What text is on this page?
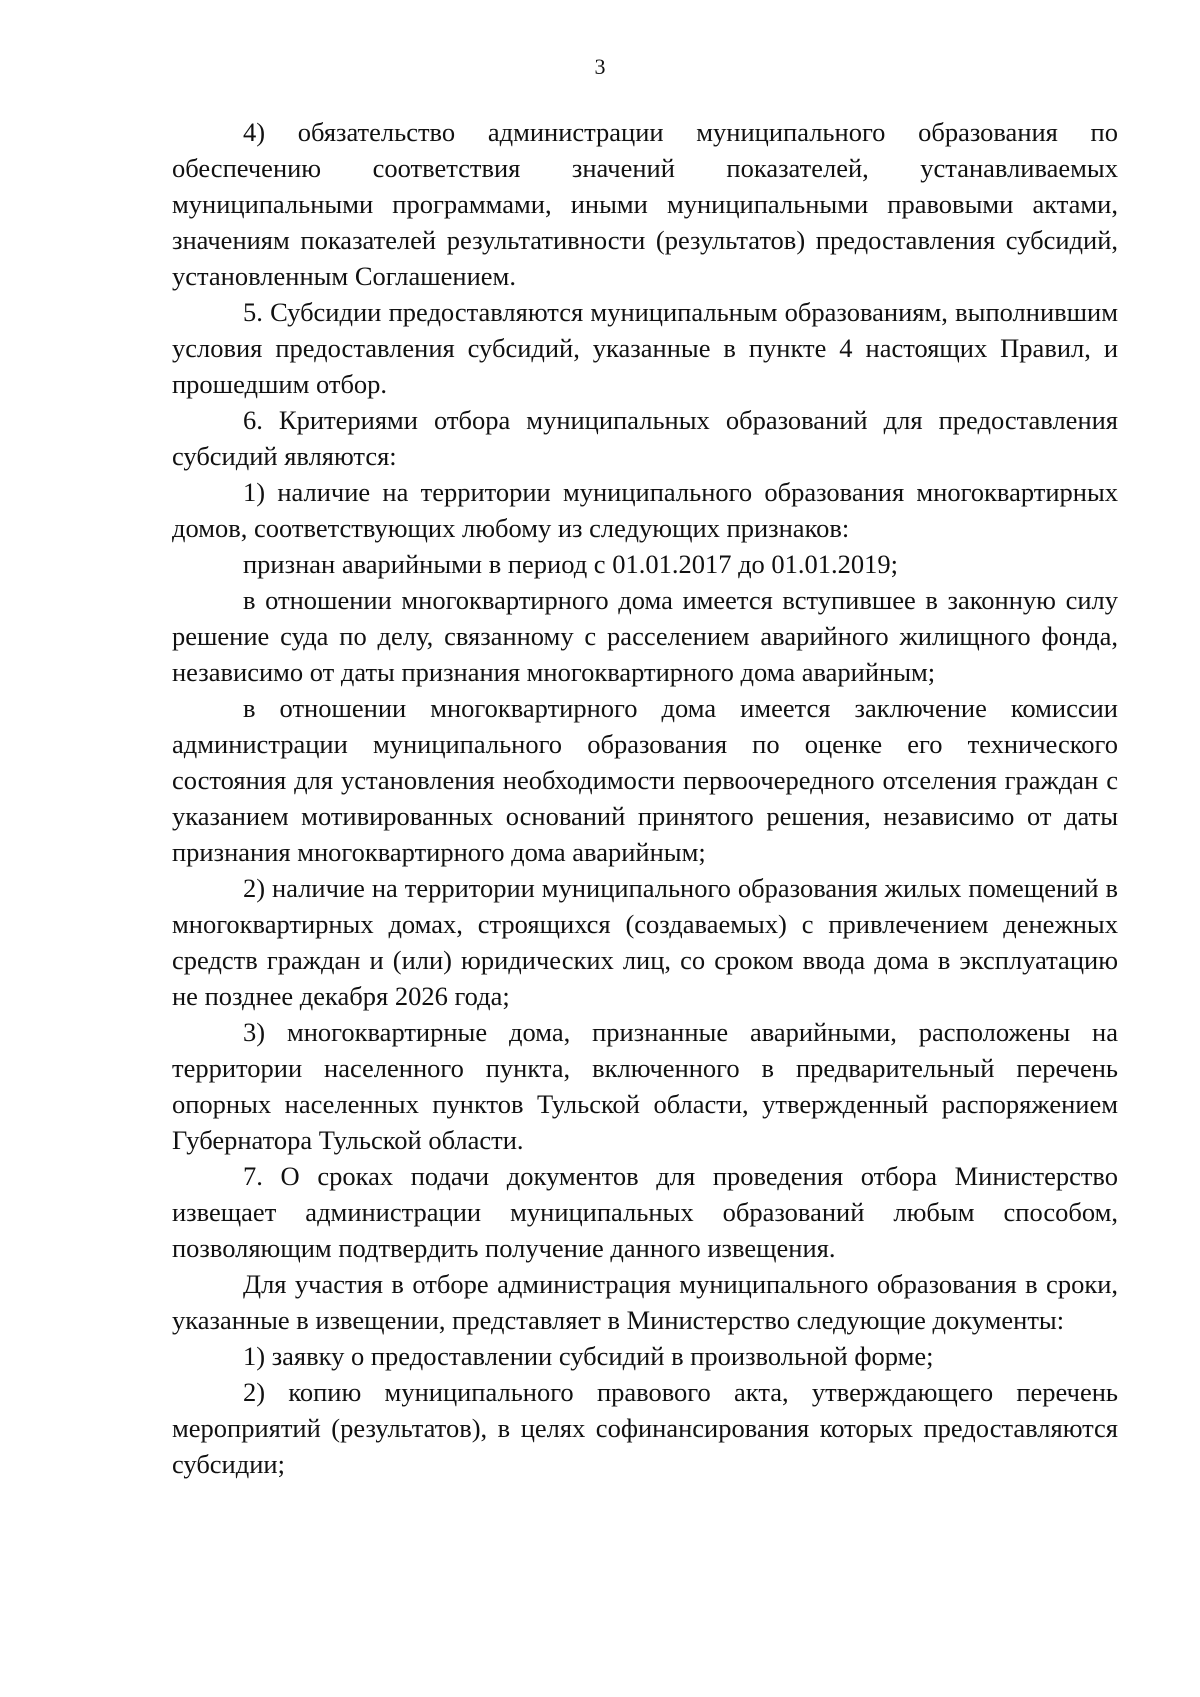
3

4) обязательство администрации муниципального образования по обеспечению соответствия значений показателей, устанавливаемых муниципальными программами, иными муниципальными правовыми актами, значениям показателей результативности (результатов) предоставления субсидий, установленным Соглашением.

5. Субсидии предоставляются муниципальным образованиям, выполнившим условия предоставления субсидий, указанные в пункте 4 настоящих Правил, и прошедшим отбор.

6. Критериями отбора муниципальных образований для предоставления субсидий являются:

1) наличие на территории муниципального образования многоквартирных домов, соответствующих любому из следующих признаков:

признан аварийными в период с 01.01.2017 до 01.01.2019;

в отношении многоквартирного дома имеется вступившее в законную силу решение суда по делу, связанному с расселением аварийного жилищного фонда, независимо от даты признания многоквартирного дома аварийным;

в отношении многоквартирного дома имеется заключение комиссии администрации муниципального образования по оценке его технического состояния для установления необходимости первоочередного отселения граждан с указанием мотивированных оснований принятого решения, независимо от даты признания многоквартирного дома аварийным;

2) наличие на территории муниципального образования жилых помещений в многоквартирных домах, строящихся (создаваемых) с привлечением денежных средств граждан и (или) юридических лиц, со сроком ввода дома в эксплуатацию не позднее декабря 2026 года;

3) многоквартирные дома, признанные аварийными, расположены на территории населенного пункта, включенного в предварительный перечень опорных населенных пунктов Тульской области, утвержденный распоряжением Губернатора Тульской области.

7. О сроках подачи документов для проведения отбора Министерство извещает администрации муниципальных образований любым способом, позволяющим подтвердить получение данного извещения.

Для участия в отборе администрация муниципального образования в сроки, указанные в извещении, представляет в Министерство следующие документы:

1) заявку о предоставлении субсидий в произвольной форме;

2) копию муниципального правового акта, утверждающего перечень мероприятий (результатов), в целях софинансирования которых предоставляются субсидии;
